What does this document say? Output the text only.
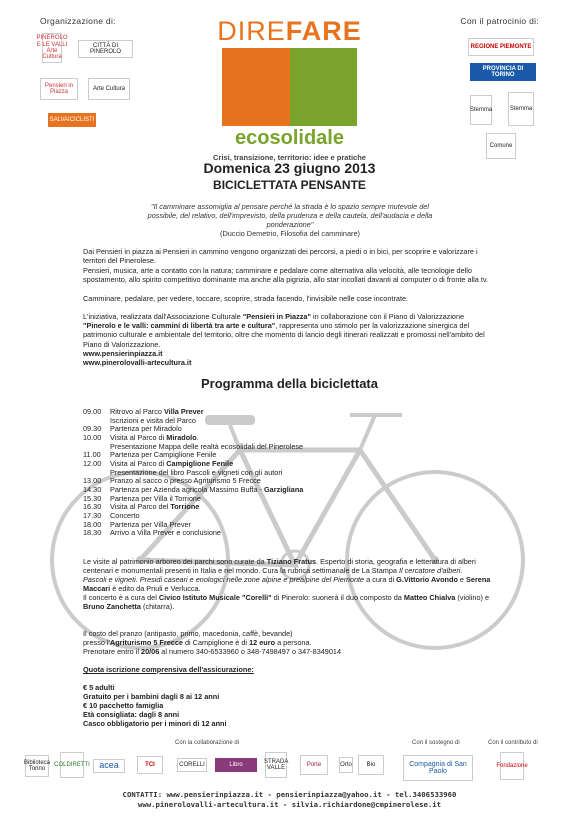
Organizzazione di:	Con il patrocinio di:
PINEROLO E LE VALLI Arte Cultura
CITTÀ DI PINEROLO
Pensieri in Piazza
Arte Cultura
SALVAICICLISTI
REGIONE PIEMONTE
PROVINCIA DI TORINO
Stemma	Stemma
Comune
DIREFARE
ecosolidale
Crisi, transizione, territorio: idee e pratiche
Domenica 23 giugno 2013
BICICLETTATA PENSANTE
"Il camminare assomiglia al pensare perché la strada è lo spazio sempre mutevole del possibile, del relativo, dell'imprevisto, della prudenza e della cautela, dell'audacia e della ponderazione"
(Duccio Demetrio, Filosofia del camminare)
Dai Pensieri in piazza ai Pensieri in cammino vengono organizzati dei percorsi, a piedi o in bici, per scoprire e valorizzare i territori del Pinerolese.
Pensieri, musica, arte a contatto con la natura; camminare e pedalare come alternativa alla velocità, alle tecnologie dello spostamento, allo spirito competitivo dominante ma anche alla pigrizia, allo star incollati davanti al computer o di fronte alla tv.
Camminare, pedalare, per vedere, toccare, scoprire, strada facendo, l'invisibile nelle cose incontrate.
L'iniziativa, realizzata dall'Associazione Culturale "Pensieri in Piazza" in collaborazione con il Piano di Valorizzazione "Pinerolo e le valli: cammini di libertà tra arte e cultura", rappresenta uno stimolo per la valorizzazione sinergica del patrimonio culturale e ambientale del territorio, oltre che momento di lancio degli itinerari realizzati e promossi nell'ambito del Piano di Valorizzazione.
www.pensierinpiazza.it
www.pinerolovalli-artecultura.it
Programma della biciclettata
09.00	Ritrovo al Parco Villa Prever
Iscrizioni e visita del Parco
09.30	Partenza per Miradolo
10.00	Visita al Parco di Miradolo.
Presentazione Mappa delle realtà ecosolidali del Pinerolese
11.00	Partenza per Campiglione Fenile
12.00	Visita al Parco di Campiglione Fenile
Presentazione del libro Pascoli e vigneti con gli autori
13.00	Pranzo al sacco o presso Agriturismo 5 Frecce
14.30	Partenza per Azienda agricola Massimo Buffa - Garzigliana
15.30	Partenza per Villa il Torrione
16.30	Visita al Parco del Torrione
17.30	Concerto
18.00	Partenza per Villa Prever
18.30	Arrivo a Villa Prever e conclusione
Le visite al patrimonio arboreo dei parchi sono curate da Tiziano Fratus. Esperto di storia, geografia e letteratura di alberi centenari e monumentali presenti in Italia e nel mondo. Cura la rubrica settimanale de La Stampa Il cercatore d'alberi.
Pascoli e vigneti. Presidi caseari e enologici nelle zone alpine e prealpine del Piemonte a cura di G.Vittorio Avondo e Serena Maccari è edito da Priuli e Verlucca.
Il concerto è a cura del Civico Istituto Musicale "Corelli" di Pinerolo: suonerà il duo composto da Matteo Chialva (violino) e Bruno Zanchetta (chitarra).
Il costo del pranzo (antipasto, primo, macedonia, caffè, bevande)
presso l'Agriturismo 5 Frecce di Campiglione è di 12 euro a persona.
Prenotare entro il 20/06 al numero 340-6533960 o 348-7498497 o 347-8349014
Quota iscrizione comprensiva dell'assicurazione:

€ 5 adulti
Gratuito per i bambini dagli 8 ai 12 anni
€ 10 pacchetto famiglia
Età consigliata: dagli 8 anni
Casco obbligatorio per i minori di 12 anni
Con la collaborazione di	Con il sostegno di	Con il contributo di
Biblioteca Torino
COLDIRETTI	acea	TCI	CORELLI	Libro
STRADA VALLE
Porte	Orto	Bio	Compagnia di San Paolo
Fondazione
CONTATTI: www.pensierinpiazza.it - pensierinpiazza@yahoo.it - tel.3406533960
www.pinerolovalli-artecultura.it - silvia.richiardone@cmpinerolese.it
